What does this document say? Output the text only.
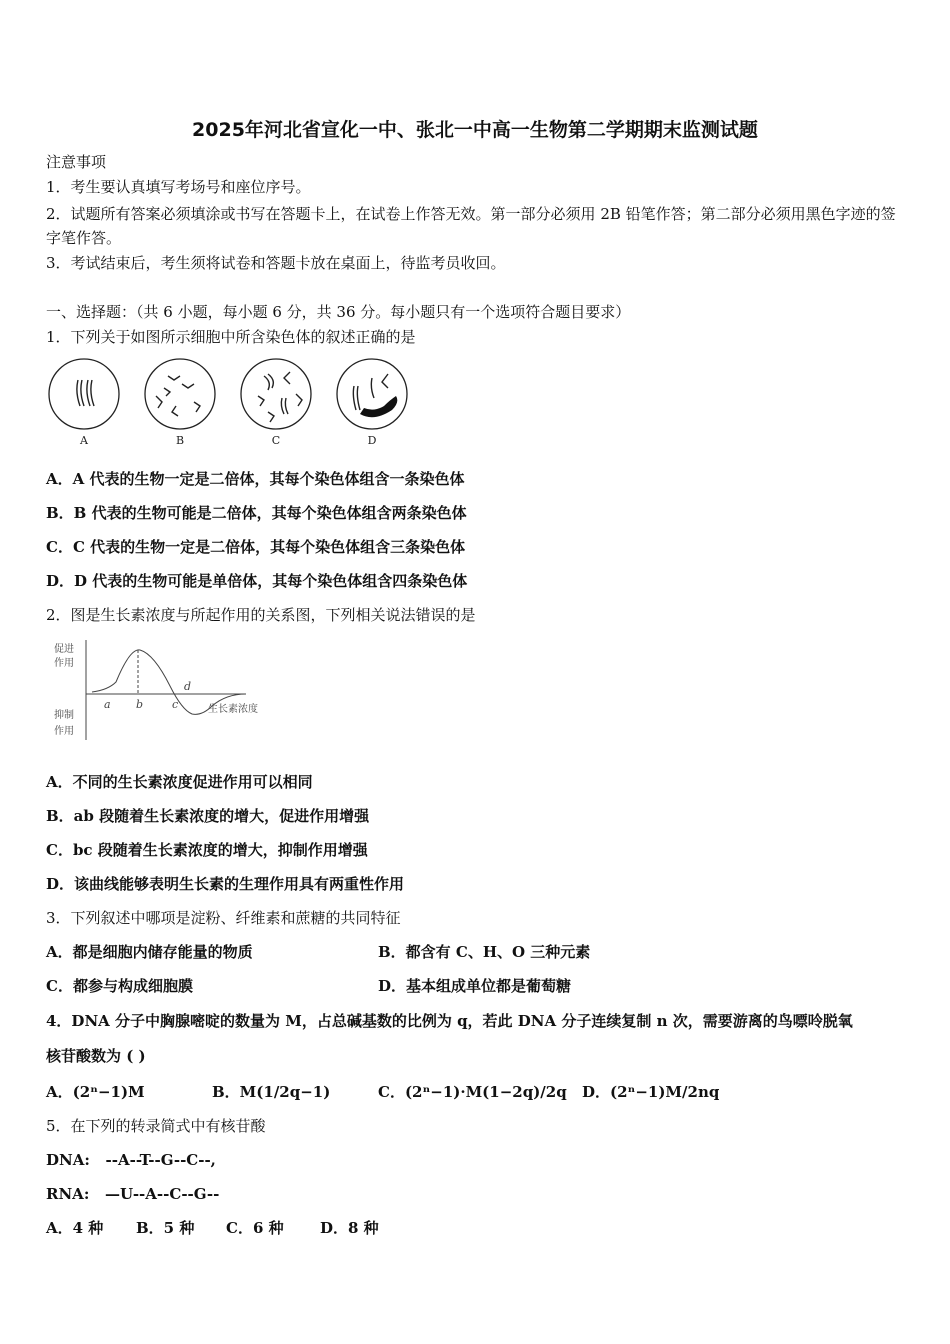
2025年河北省宣化一中、张北一中高一生物第二学期期末监测试题
注意事项
1．考生要认真填写考场号和座位序号。
2．试题所有答案必须填涂或书写在答题卡上，在试卷上作答无效。第一部分必须用 2B 铅笔作答；第二部分必须用黑色字迹的签字笔作答。
3．考试结束后，考生须将试卷和答题卡放在桌面上，待监考员收回。
一、选择题：（共 6 小题，每小题 6 分，共 36 分。每小题只有一个选项符合题目要求）
1．下列关于如图所示细胞中所含染色体的叙述正确的是
A	B	C	D
A．A 代表的生物一定是二倍体，其每个染色体组含一条染色体
B．B 代表的生物可能是二倍体，其每个染色体组含两条染色体
C．C 代表的生物一定是二倍体，其每个染色体组含三条染色体
D．D 代表的生物可能是单倍体，其每个染色体组含四条染色体
2．图是生长素浓度与所起作用的关系图，下列相关说法错误的是
促进
作用
抑制
作用
生长素浓度
a b	c
d
A．不同的生长素浓度促进作用可以相同
B．ab 段随着生长素浓度的增大，促进作用增强
C．bc 段随着生长素浓度的增大，抑制作用增强
D．该曲线能够表明生长素的生理作用具有两重性作用
3．下列叙述中哪项是淀粉、纤维素和蔗糖的共同特征
A．都是细胞内储存能量的物质	B．都含有 C、H、O 三种元素
C．都参与构成细胞膜	D．基本组成单位都是葡萄糖
4．DNA 分子中胸腺嘧啶的数量为 M，占总碱基数的比例为 q，若此 DNA 分子连续复制 n 次，需要游离的鸟嘌呤脱氧
核苷酸数为 ( )
A．(2ⁿ−1)M	B．M(1/2q−1)	C．(2ⁿ−1)·M(1−2q)/2q D．(2ⁿ−1)M/2nq
5．在下列的转录简式中有核苷酸
DNA:   --A--T--G--C--,
RNA:   —U--A--C--G--
A．4 种 B．5 种 C．6 种 D．8 种
